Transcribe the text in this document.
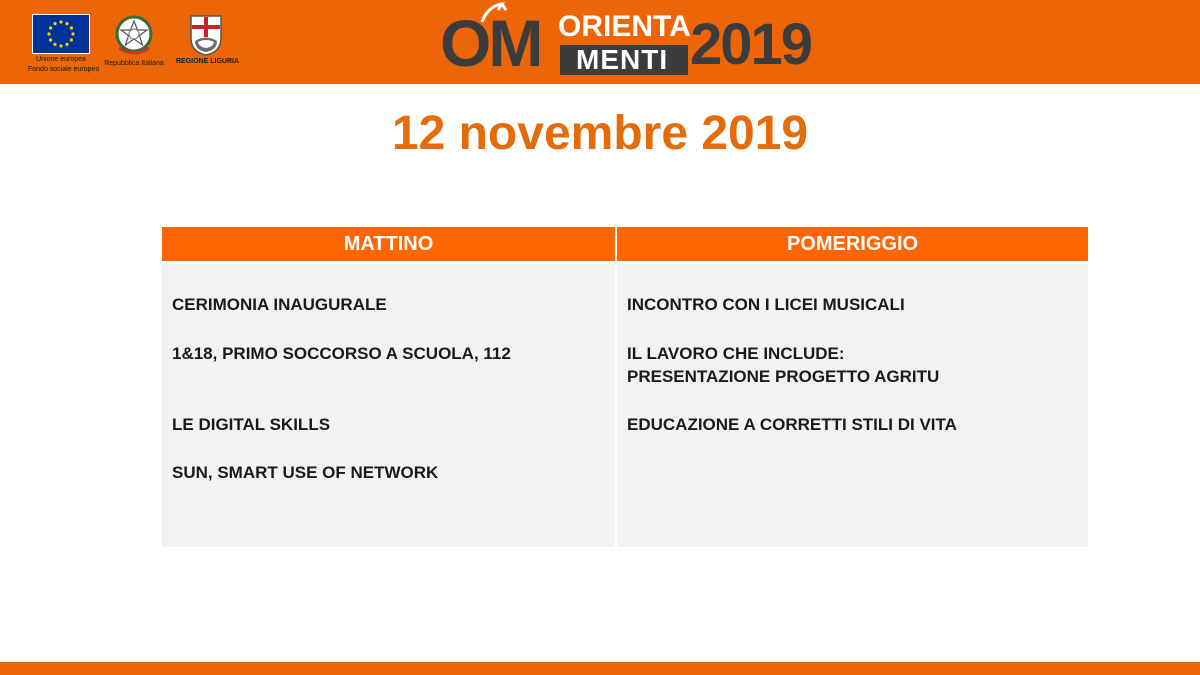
Unione europea
Fondo sociale europeo
Repubblica Italiana	REGIONE LIGURIA	OM ORIENTA
MENTI 2019
12 novembre 2019
MATTINO
CERIMONIA INAUGURALE
1&18, PRIMO SOCCORSO A SCUOLA, 112
LE DIGITAL SKILLS
SUN, SMART USE OF NETWORK
POMERIGGIO
INCONTRO CON I LICEI MUSICALI
IL LAVORO CHE INCLUDE:
PRESENTAZIONE PROGETTO AGRITU
EDUCAZIONE A CORRETTI STILI DI VITA
